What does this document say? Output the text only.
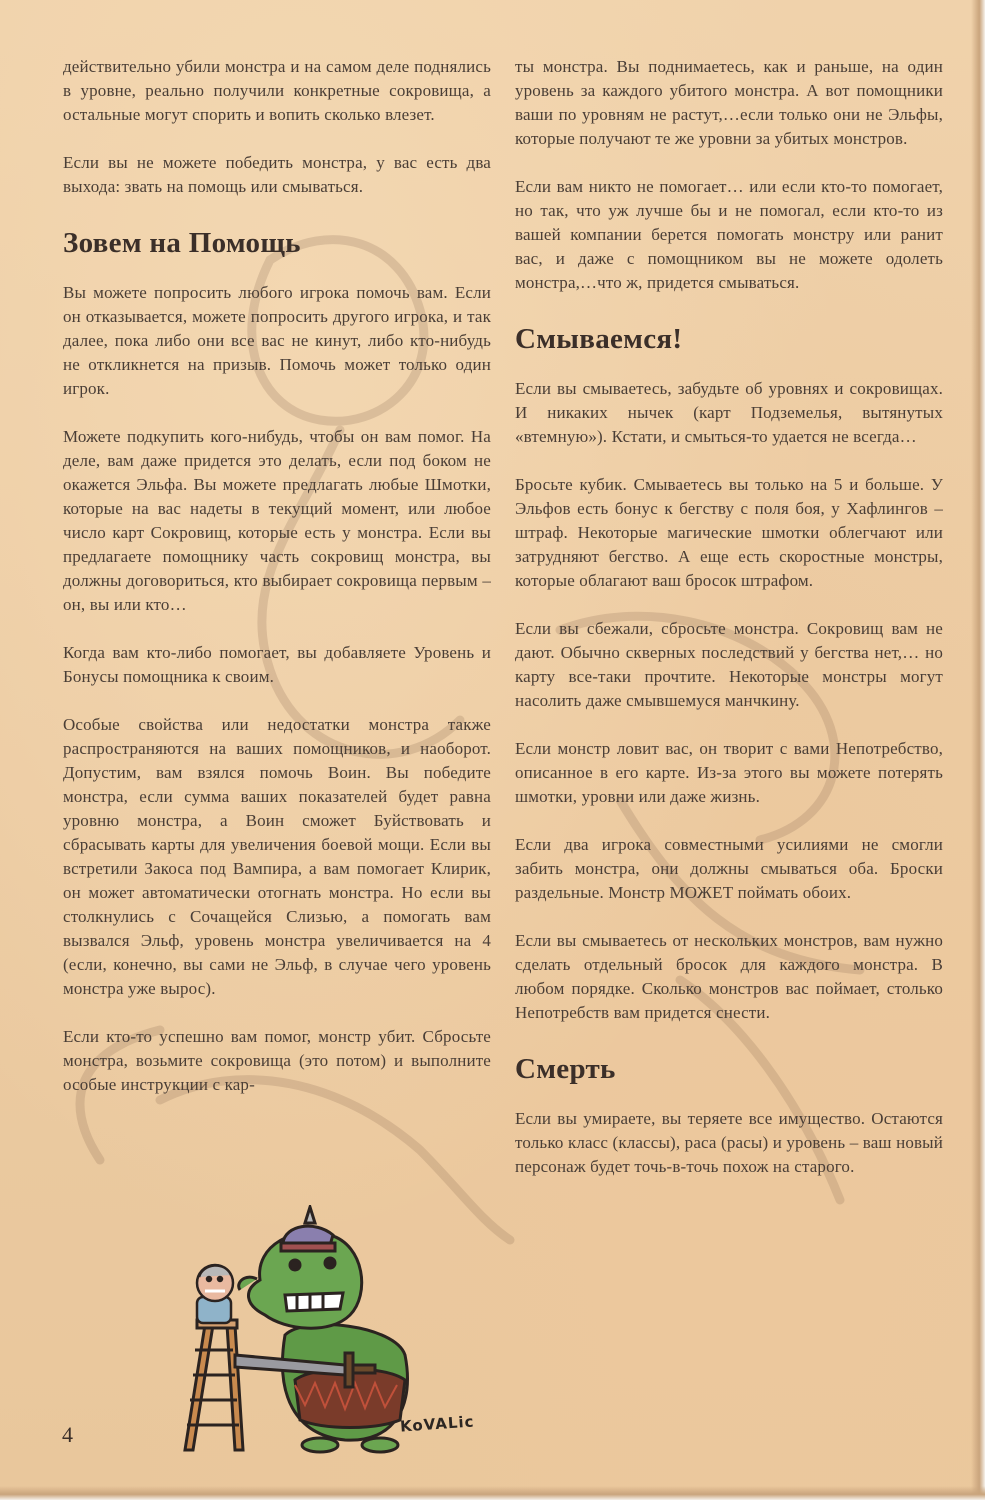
действительно убили монстра и на самом деле поднялись в уровне, реально получили конкретные сокровища, а остальные могут спорить и вопить сколько влезет.

Если вы не можете победить монстра, у вас есть два выхода: звать на помощь или смываться.

Зовем на Помощь

Вы можете попросить любого игрока помочь вам. Если он отказывается, можете попросить другого игрока, и так далее, пока либо они все вас не кинут, либо кто-нибудь не откликнется на призыв. Помочь может только один игрок.

Можете подкупить кого-нибудь, чтобы он вам помог. На деле, вам даже придется это делать, если под боком не окажется Эльфа. Вы можете предлагать любые Шмотки, которые на вас надеты в текущий момент, или любое число карт Сокровищ, которые есть у монстра. Если вы предлагаете помощнику часть сокровищ монстра, вы должны договориться, кто выбирает сокровища первым – он, вы или кто…

Когда вам кто-либо помогает, вы добавляете Уровень и Бонусы помощника к своим.

Особые свойства или недостатки монстра также распространяются на ваших помощников, и наоборот. Допустим, вам взялся помочь Воин. Вы победите монстра, если сумма ваших показателей будет равна уровню монстра, а Воин сможет Буйствовать и сбрасывать карты для увеличения боевой мощи. Если вы встретили Закоса под Вампира, а вам помогает Клирик, он может автоматически отогнать монстра. Но если вы столкнулись с Сочащейся Слизью, а помогать вам вызвался Эльф, уровень монстра увеличивается на 4 (если, конечно, вы сами не Эльф, в случае чего уровень монстра уже вырос).

Если кто-то успешно вам помог, монстр убит. Сбросьте монстра, возьмите сокровища (это потом) и выполните особые инструкции с кар-

ты монстра. Вы поднимаетесь, как и раньше, на один уровень за каждого убитого монстра. А вот помощники ваши по уровням не растут,…если только они не Эльфы, которые получают те же уровни за убитых монстров.

Если вам никто не помогает… или если кто-то помогает, но так, что уж лучше бы и не помогал, если кто-то из вашей компании берется помогать монстру или ранит вас, и даже с помощником вы не можете одолеть монстра,…что ж, придется смываться.

Смываемся!

Если вы смываетесь, забудьте об уровнях и сокровищах. И никаких нычек (карт Подземелья, вытянутых «втемную»). Кстати, и смыться-то удается не всегда…

Бросьте кубик. Смываетесь вы только на 5 и больше. У Эльфов есть бонус к бегству с поля боя, у Хафлингов – штраф. Некоторые магические шмотки облегчают или затрудняют бегство. А еще есть скоростные монстры, которые облагают ваш бросок штрафом.

Если вы сбежали, сбросьте монстра. Сокровищ вам не дают. Обычно скверных последствий у бегства нет,… но карту все-таки прочтите. Некоторые монстры могут насолить даже смывшемуся манчкину.

Если монстр ловит вас, он творит с вами Непотребство, описанное в его карте. Из-за этого вы можете потерять шмотки, уровни или даже жизнь.

Если два игрока совместными усилиями не смогли забить монстра, они должны смываться оба. Броски раздельные. Монстр МОЖЕТ поймать обоих.

Если вы смываетесь от нескольких монстров, вам нужно сделать отдельный бросок для каждого монстра. В любом порядке. Сколько монстров вас поймает, столько Непотребств вам придется снести.

Смерть

Если вы умираете, вы теряете все имущество. Остаются только класс (классы), раса (расы) и уровень – ваш новый персонаж будет точь-в-точь похож на старого.

KoVALic
4
